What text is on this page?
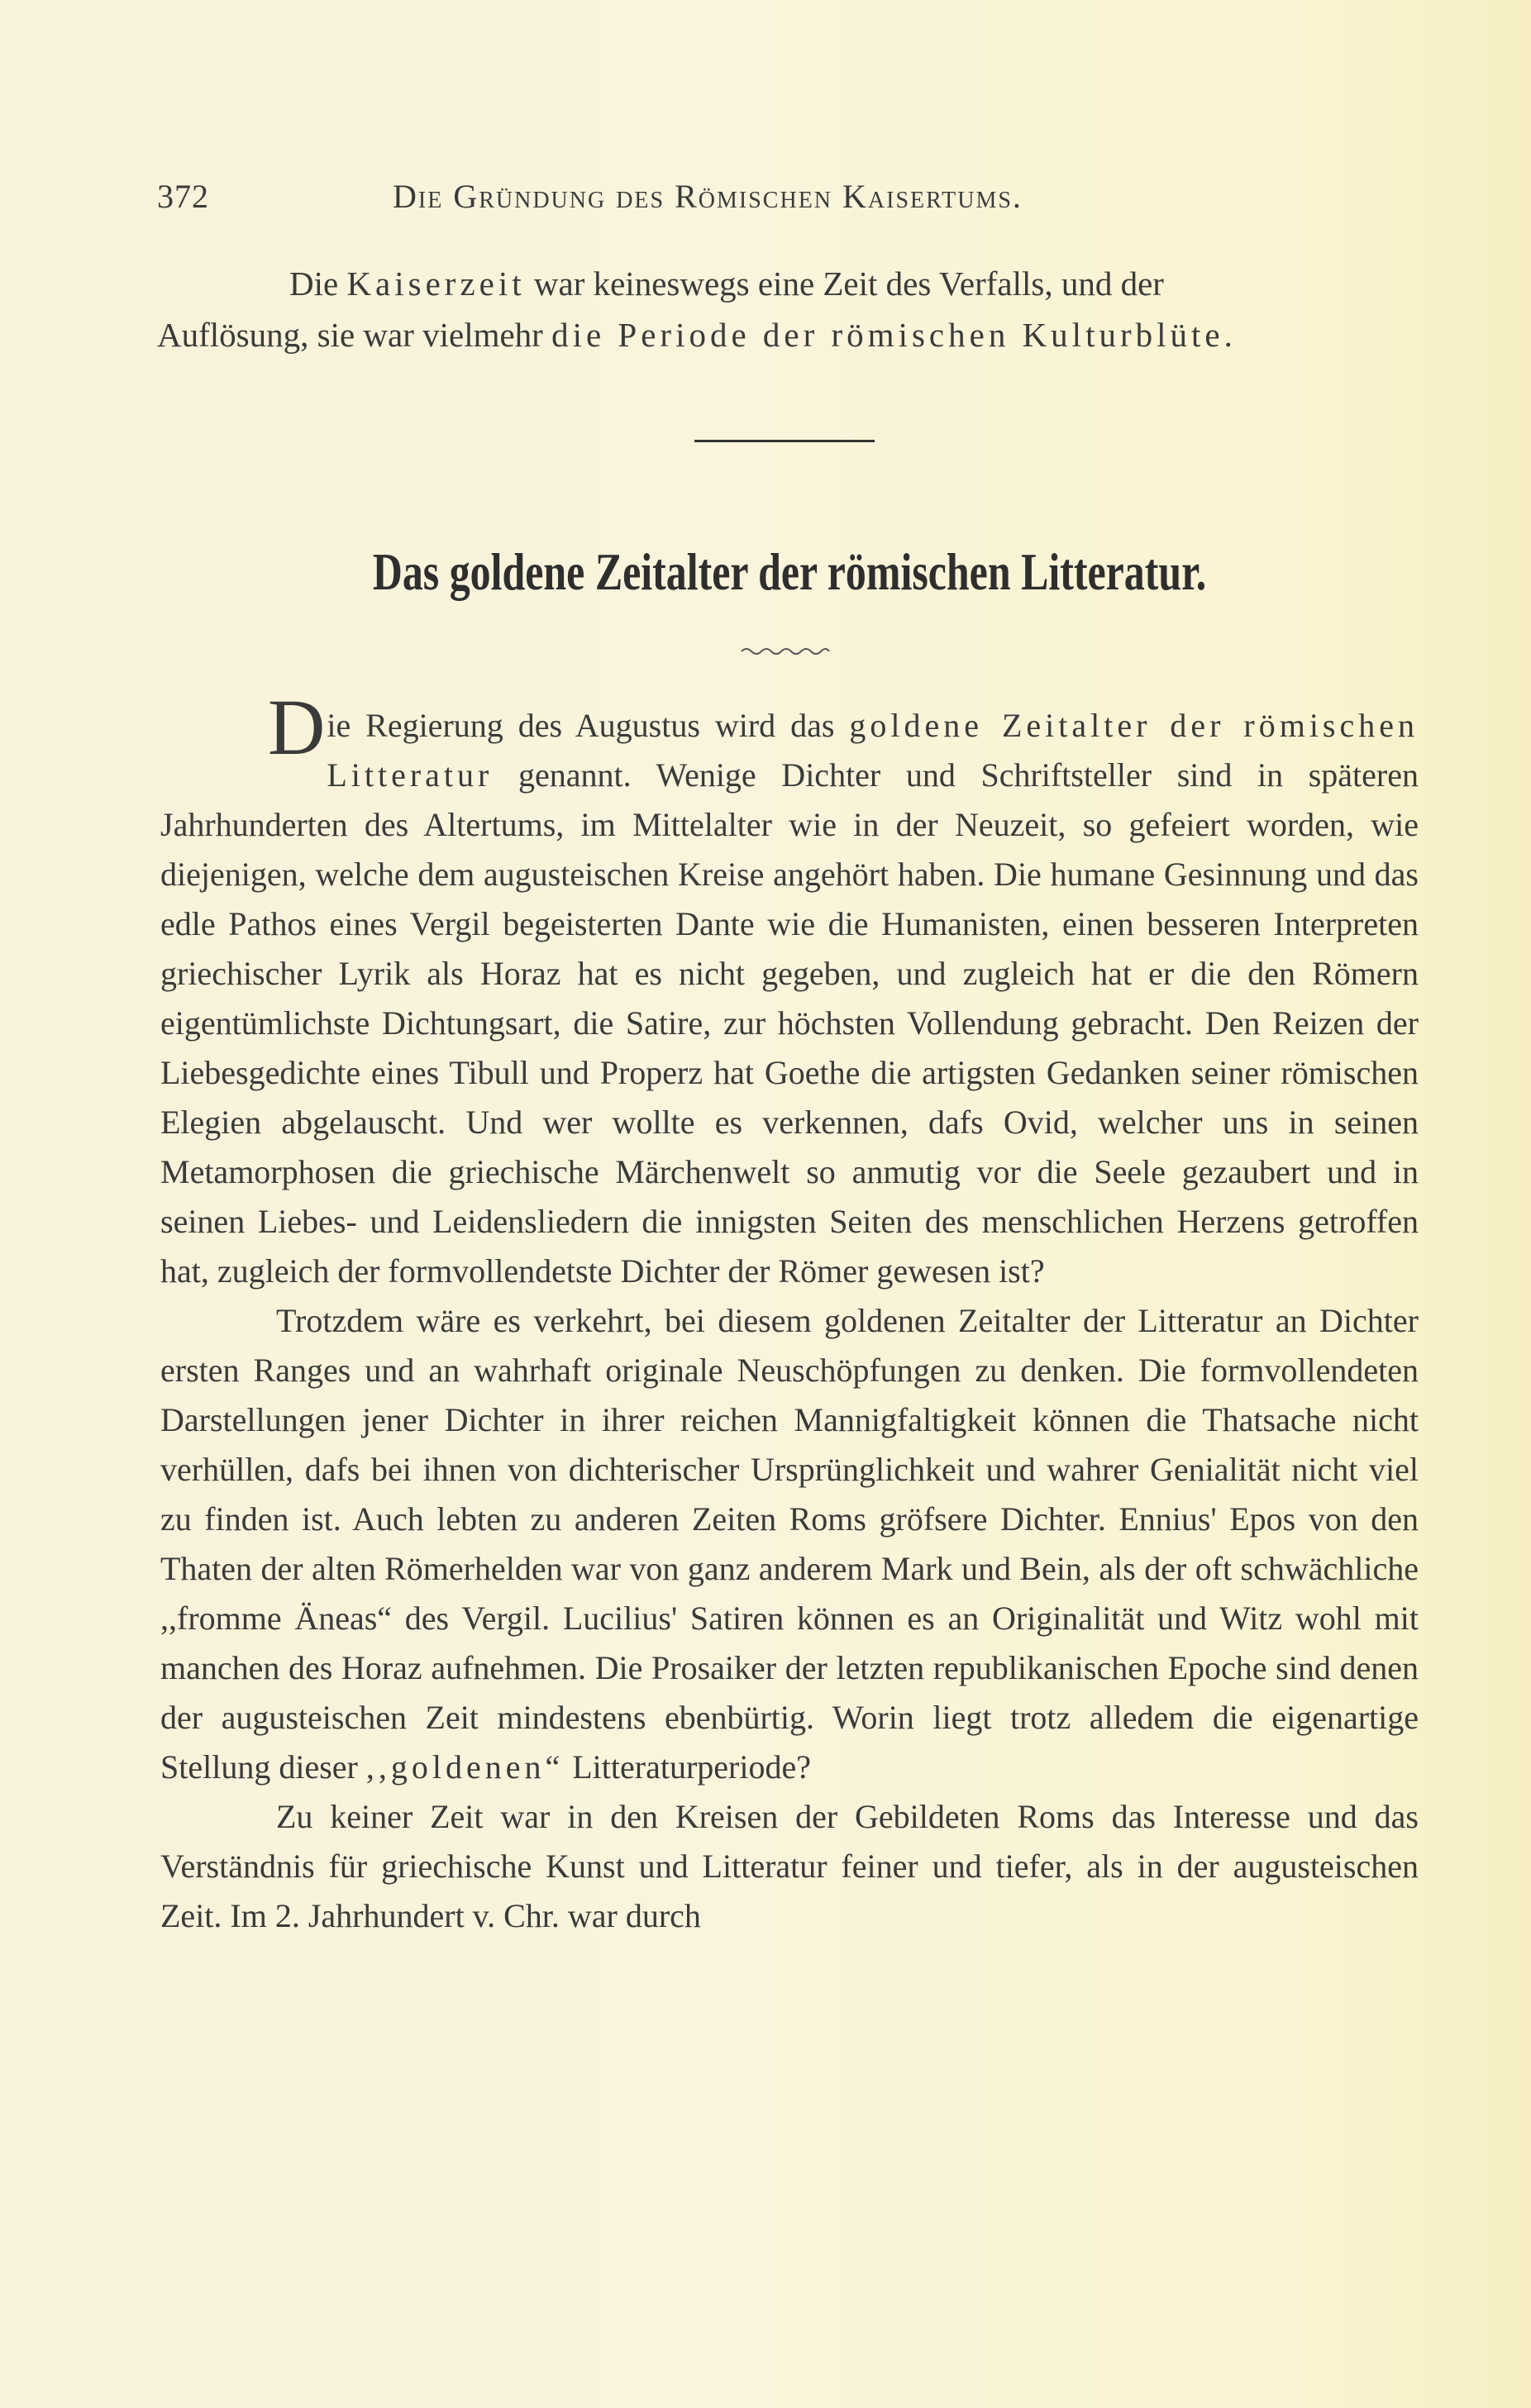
372	Die Gründung des Römischen Kaisertums.
Die Kaiserzeit war keineswegs eine Zeit des Verfalls, und der
Auflösung, sie war vielmehr die Periode der römischen Kulturblüte.
Das goldene Zeitalter der römischen Litteratur.

Die Regierung des Augustus wird das goldene Zeitalter der römischen Litteratur genannt. Wenige Dichter und Schriftsteller sind in späteren Jahrhunderten des Altertums, im Mittelalter wie in der Neuzeit, so gefeiert worden, wie diejenigen, welche dem augusteischen Kreise angehört haben. Die humane Gesinnung und das edle Pathos eines Vergil begeisterten Dante wie die Humanisten, einen besseren Interpreten griechischer Lyrik als Horaz hat es nicht gegeben, und zugleich hat er die den Römern eigentümlichste Dichtungsart, die Satire, zur höchsten Vollendung gebracht. Den Reizen der Liebesgedichte eines Tibull und Properz hat Goethe die artigsten Gedanken seiner römischen Elegien abgelauscht. Und wer wollte es verkennen, dafs Ovid, welcher uns in seinen Metamorphosen die griechische Märchenwelt so anmutig vor die Seele gezaubert und in seinen Liebes- und Leidensliedern die innigsten Seiten des menschlichen Herzens getroffen hat, zugleich der formvollendetste Dichter der Römer gewesen ist?

Trotzdem wäre es verkehrt, bei diesem goldenen Zeitalter der Litteratur an Dichter ersten Ranges und an wahrhaft originale Neuschöpfungen zu denken. Die formvollendeten Darstellungen jener Dichter in ihrer reichen Mannigfaltigkeit können die Thatsache nicht verhüllen, dafs bei ihnen von dichterischer Ursprünglichkeit und wahrer Genialität nicht viel zu finden ist. Auch lebten zu anderen Zeiten Roms gröfsere Dichter. Ennius' Epos von den Thaten der alten Römerhelden war von ganz anderem Mark und Bein, als der oft schwächliche ,,fromme Äneas“ des Vergil. Lucilius' Satiren können es an Originalität und Witz wohl mit manchen des Horaz aufnehmen. Die Prosaiker der letzten republikanischen Epoche sind denen der augusteischen Zeit mindestens ebenbürtig. Worin liegt trotz alledem die eigenartige Stellung dieser ,,goldenen“ Litteraturperiode?

Zu keiner Zeit war in den Kreisen der Gebildeten Roms das Interesse und das Verständnis für griechische Kunst und Litteratur feiner und tiefer, als in der augusteischen Zeit. Im 2. Jahrhundert v. Chr. war durch
